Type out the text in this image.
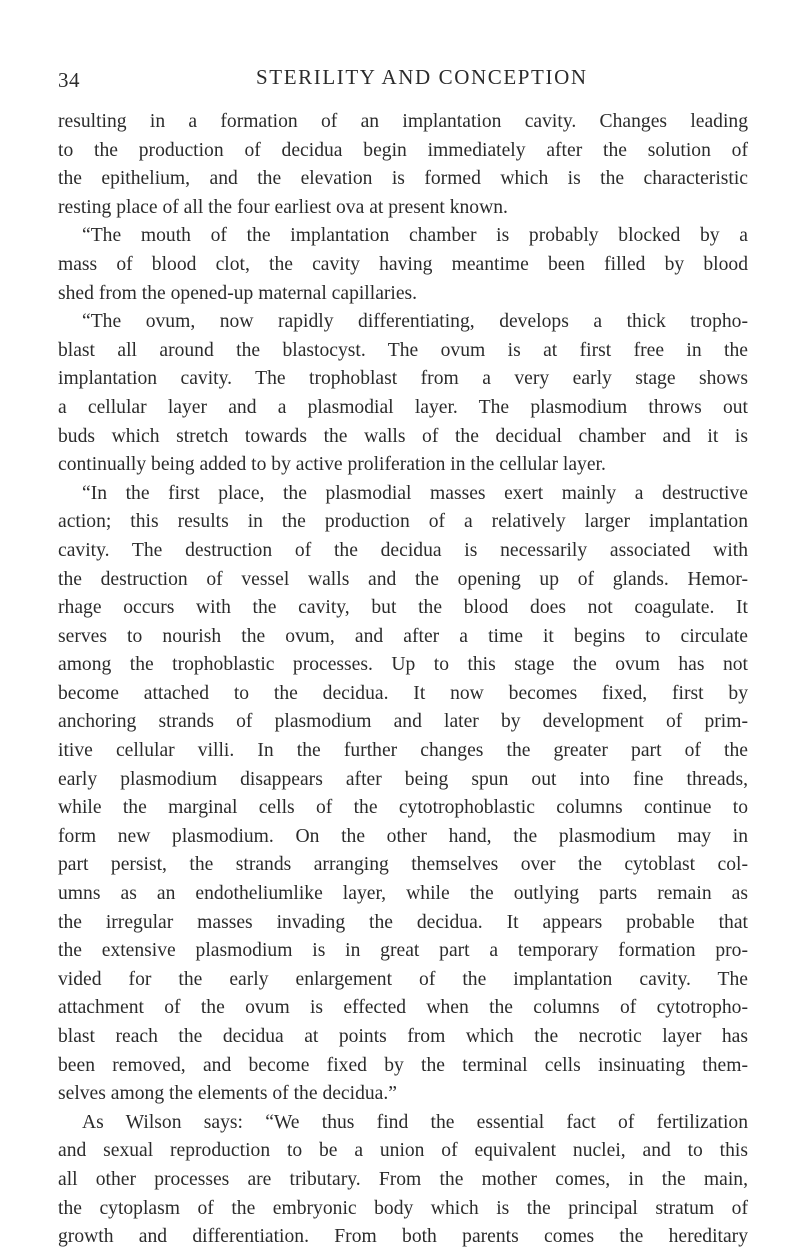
34	STERILITY AND CONCEPTION
resulting in a formation of an implantation cavity. Changes leading
to the production of decidua begin immediately after the solution of
the epithelium, and the elevation is formed which is the characteristic
resting place of all the four earliest ova at present known.
“The mouth of the implantation chamber is probably blocked by a
mass of blood clot, the cavity having meantime been filled by blood
shed from the opened-up maternal capillaries.
“The ovum, now rapidly differentiating, develops a thick tropho-
blast all around the blastocyst. The ovum is at first free in the
implantation cavity. The trophoblast from a very early stage shows
a cellular layer and a plasmodial layer. The plasmodium throws out
buds which stretch towards the walls of the decidual chamber and it is
continually being added to by active proliferation in the cellular layer.
“In the first place, the plasmodial masses exert mainly a destructive
action; this results in the production of a relatively larger implantation
cavity. The destruction of the decidua is necessarily associated with
the destruction of vessel walls and the opening up of glands. Hemor-
rhage occurs with the cavity, but the blood does not coagulate. It
serves to nourish the ovum, and after a time it begins to circulate
among the trophoblastic processes. Up to this stage the ovum has not
become attached to the decidua. It now becomes fixed, first by
anchoring strands of plasmodium and later by development of prim-
itive cellular villi. In the further changes the greater part of the
early plasmodium disappears after being spun out into fine threads,
while the marginal cells of the cytotrophoblastic columns continue to
form new plasmodium. On the other hand, the plasmodium may in
part persist, the strands arranging themselves over the cytoblast col-
umns as an endotheliumlike layer, while the outlying parts remain as
the irregular masses invading the decidua. It appears probable that
the extensive plasmodium is in great part a temporary formation pro-
vided for the early enlargement of the implantation cavity. The
attachment of the ovum is effected when the columns of cytotropho-
blast reach the decidua at points from which the necrotic layer has
been removed, and become fixed by the terminal cells insinuating them-
selves among the elements of the decidua.”
As Wilson says: “We thus find the essential fact of fertilization
and sexual reproduction to be a union of equivalent nuclei, and to this
all other processes are tributary. From the mother comes, in the main,
the cytoplasm of the embryonic body which is the principal stratum of
growth and differentiation. From both parents comes the hereditary
